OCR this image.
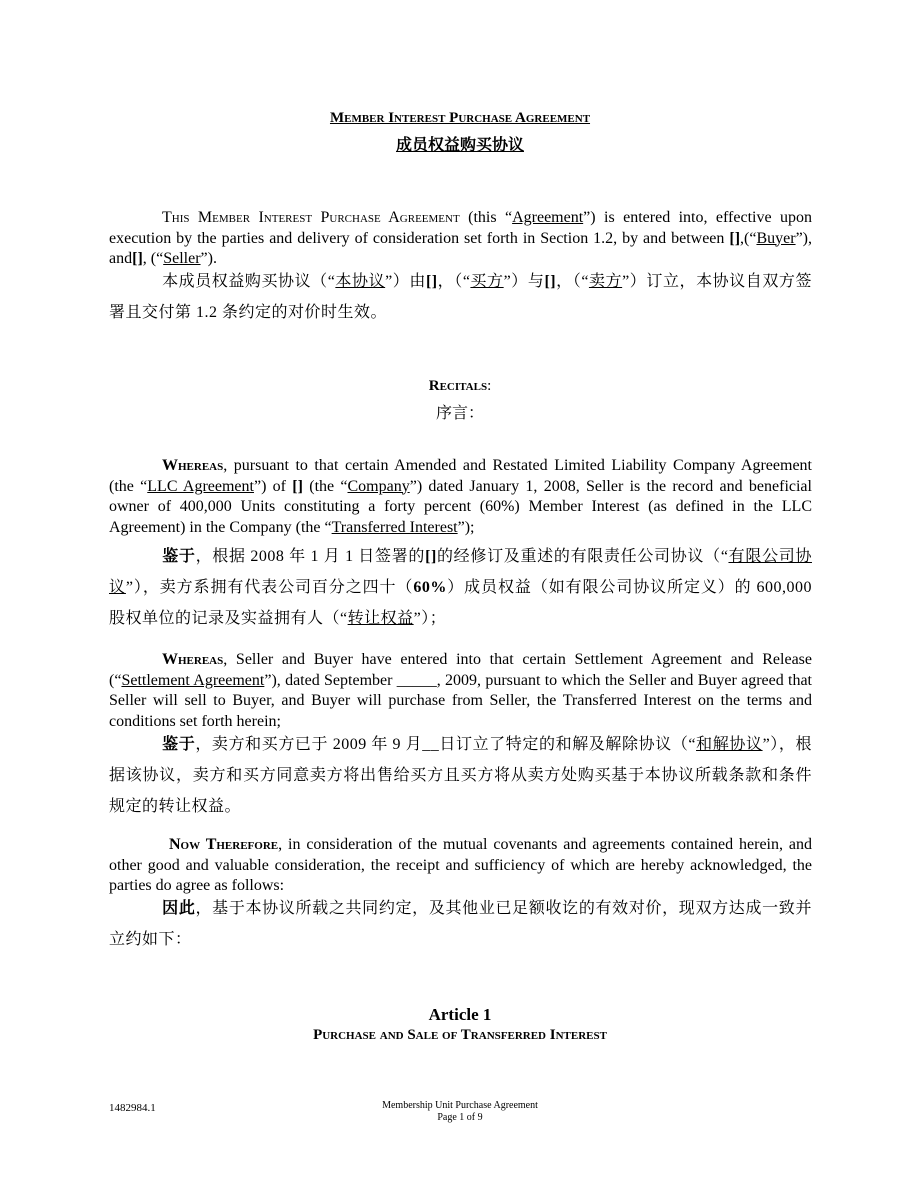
Member Interest Purchase Agreement
成员权益购买协议
This Member Interest Purchase Agreement (this “Agreement”) is entered into, effective upon execution by the parties and delivery of consideration set forth in Section 1.2, by and between [],(“Buyer”), and[], (“Seller”).
本成员权益购买协议（“本协议”）由[]，（“买方”）与[]，（“卖方”）订立，本协议自双方签署且交付第 1.2 条约定的对价时生效。
Recitals:
序言：
Whereas, pursuant to that certain Amended and Restated Limited Liability Company Agreement (the “LLC Agreement”) of [] (the “Company”) dated January 1, 2008, Seller is the record and beneficial owner of 400,000 Units constituting a forty percent (60%) Member Interest (as defined in the LLC Agreement) in the Company (the “Transferred Interest”);
鉴于，根据 2008 年 1 月 1 日签署的[]的经修订及重述的有限责任公司协议（“有限公司协议”），卖方系拥有代表公司百分之四十（60%）成员权益（如有限公司协议所定义）的 600,000 股权单位的记录及实益拥有人（“转让权益”）；
Whereas, Seller and Buyer have entered into that certain Settlement Agreement and Release (“Settlement Agreement”), dated September _____, 2009, pursuant to which the Seller and Buyer agreed that Seller will sell to Buyer, and Buyer will purchase from Seller, the Transferred Interest on the terms and conditions set forth herein;
鉴于，卖方和买方已于 2009 年 9 月__日订立了特定的和解及解除协议（“和解协议”），根据该协议，卖方和买方同意卖方将出售给买方且买方将从卖方处购买基于本协议所载条款和条件规定的转让权益。
Now Therefore, in consideration of the mutual covenants and agreements contained herein, and other good and valuable consideration, the receipt and sufficiency of which are hereby acknowledged, the parties do agree as follows:
因此，基于本协议所载之共同约定，及其他业已足额收讫的有效对价，现双方达成一致并立约如下：
Article 1
Purchase and Sale of Transferred Interest
1482984.1	Membership Unit Purchase Agreement
Page 1 of 9
